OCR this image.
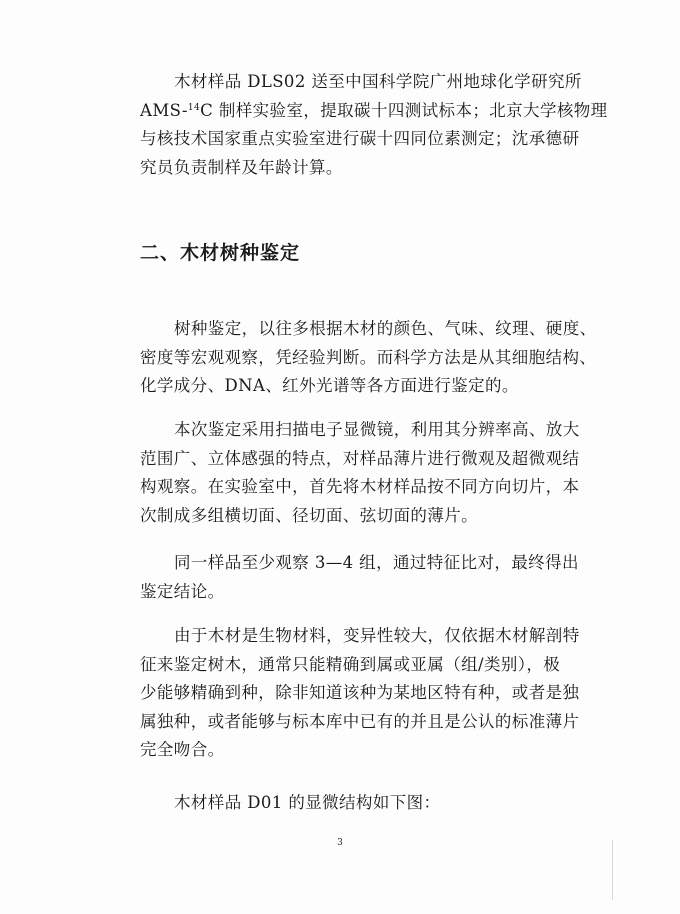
木材样品 DLS02 送至中国科学院广州地球化学研究所
AMS-$^{14}$C 制样实验室，提取碳十四测试标本；北京大学核物理
与核技术国家重点实验室进行碳十四同位素测定；沈承德研
究员负责制样及年龄计算。

二、木材树种鉴定

树种鉴定，以往多根据木材的颜色、气味、纹理、硬度、
密度等宏观观察，凭经验判断。而科学方法是从其细胞结构、
化学成分、DNA、红外光谱等各方面进行鉴定的。

本次鉴定采用扫描电子显微镜，利用其分辨率高、放大
范围广、立体感强的特点，对样品薄片进行微观及超微观结
构观察。在实验室中，首先将木材样品按不同方向切片，本
次制成多组横切面、径切面、弦切面的薄片。

同一样品至少观察 3—4 组，通过特征比对，最终得出
鉴定结论。

由于木材是生物材料，变异性较大，仅依据木材解剖特
征来鉴定树木，通常只能精确到属或亚属（组/类别），极
少能够精确到种，除非知道该种为某地区特有种，或者是独
属独种，或者能够与标本库中已有的并且是公认的标准薄片
完全吻合。

木材样品 D01 的显微结构如下图：

3
